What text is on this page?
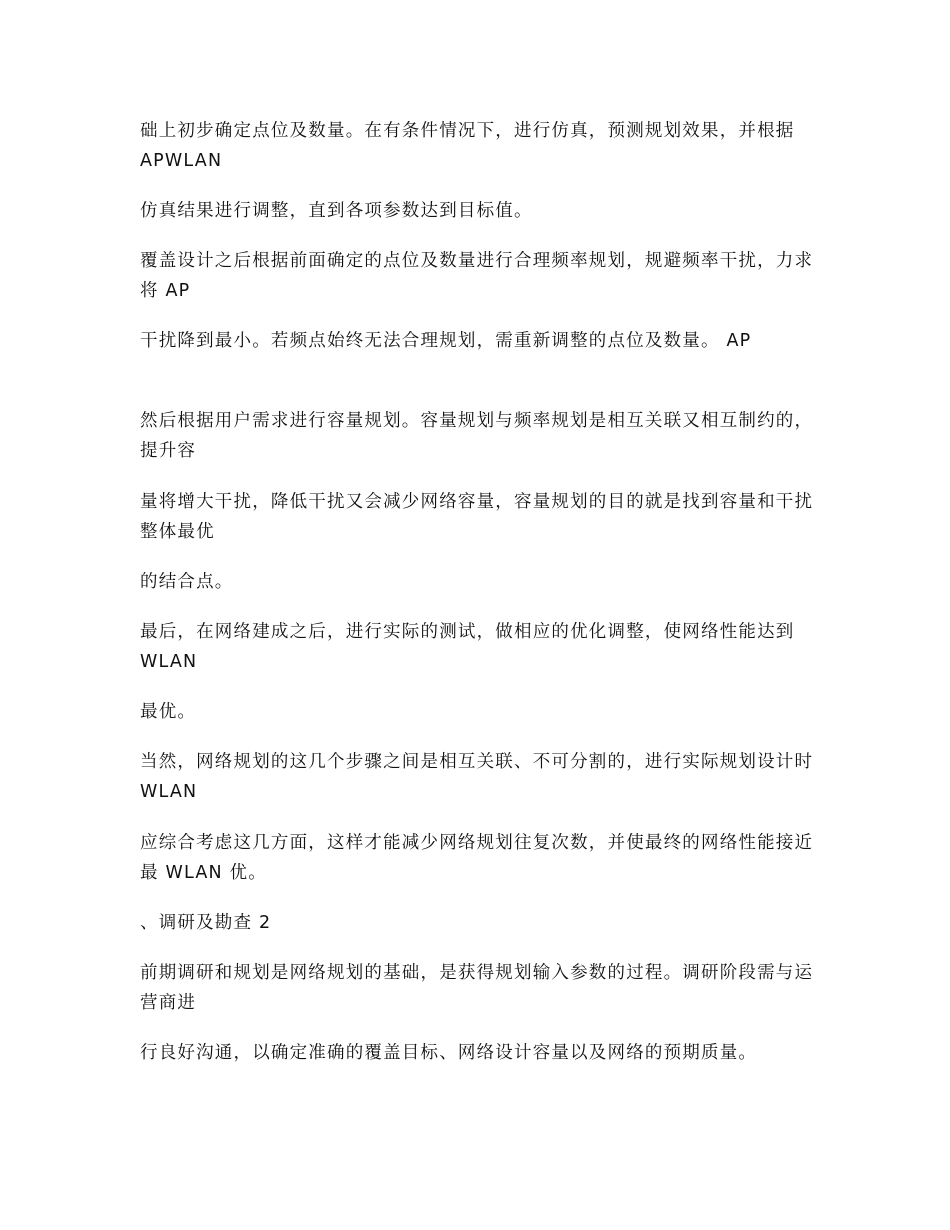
础上初步确定点位及数量。在有条件情况下，进行仿真，预测规划效果，并根据 APWLAN

仿真结果进行调整，直到各项参数达到目标值。

覆盖设计之后根据前面确定的点位及数量进行合理频率规划，规避频率干扰，力求将 AP

干扰降到最小。若频点始终无法合理规划，需重新调整的点位及数量。 AP

然后根据用户需求进行容量规划。容量规划与频率规划是相互关联又相互制约的，提升容

量将增大干扰，降低干扰又会减少网络容量，容量规划的目的就是找到容量和干扰整体最优

的结合点。

最后，在网络建成之后，进行实际的测试，做相应的优化调整，使网络性能达到 WLAN

最优。

当然，网络规划的这几个步骤之间是相互关联、不可分割的，进行实际规划设计时 WLAN

应综合考虑这几方面，这样才能减少网络规划往复次数，并使最终的网络性能接近最 WLAN 优。

、调研及勘查 2

前期调研和规划是网络规划的基础，是获得规划输入参数的过程。调研阶段需与运营商进

行良好沟通，以确定准确的覆盖目标、网络设计容量以及网络的预期质量。
